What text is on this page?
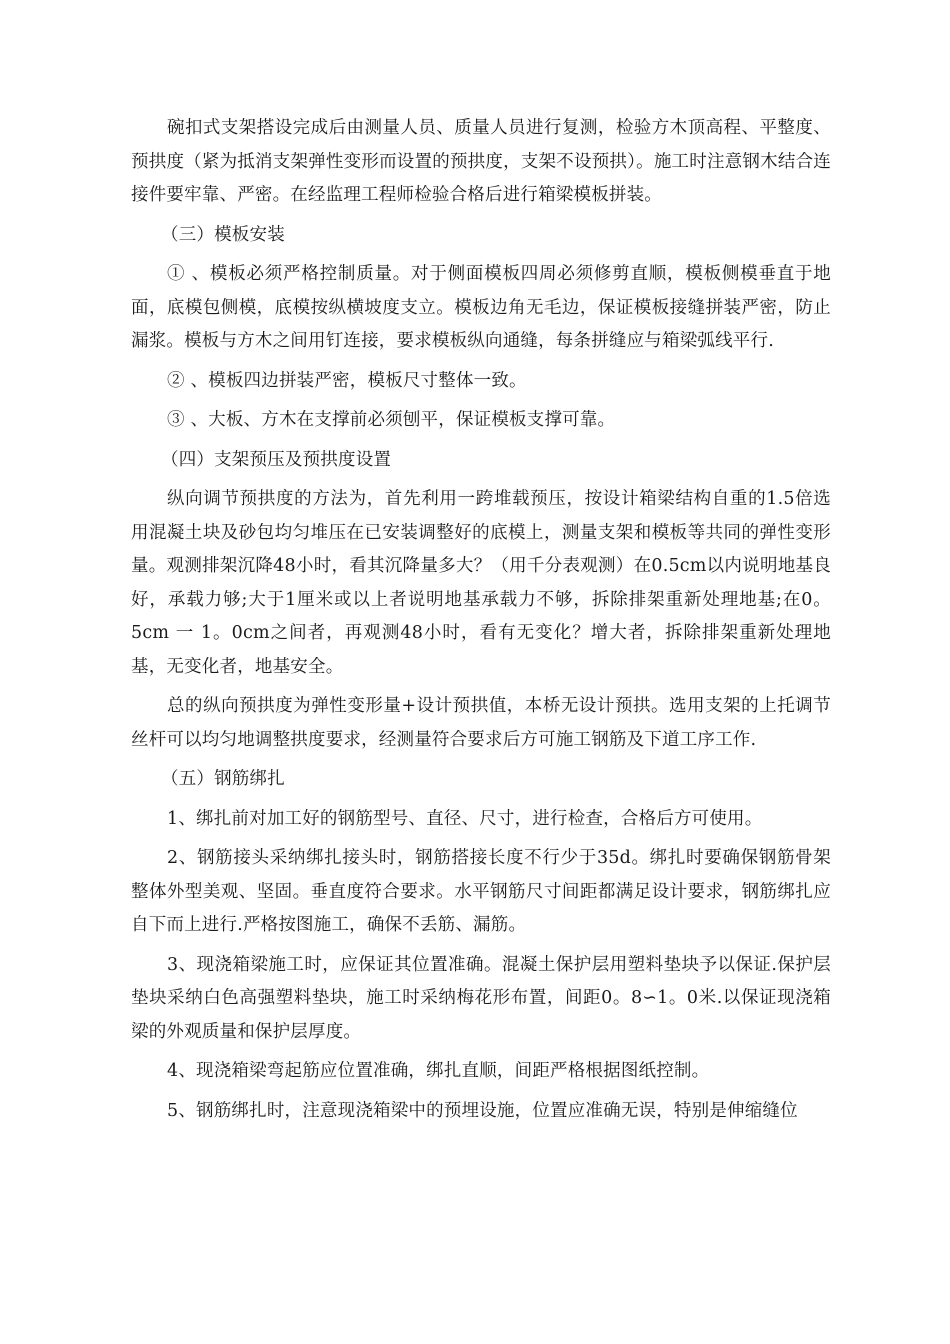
碗扣式支架搭设完成后由测量人员、质量人员进行复测，检验方木顶高程、平整度、预拱度（紧为抵消支架弹性变形而设置的预拱度，支架不设预拱）。施工时注意钢木结合连接件要牢靠、严密。在经监理工程师检验合格后进行箱梁模板拼装。

（三）模板安装

① 、模板必须严格控制质量。对于侧面模板四周必须修剪直顺，模板侧模垂直于地面，底模包侧模，底模按纵横坡度支立。模板边角无毛边，保证模板接缝拼装严密，防止漏浆。模板与方木之间用钉连接，要求模板纵向通缝，每条拼缝应与箱梁弧线平行.

② 、模板四边拼装严密，模板尺寸整体一致。

③ 、大板、方木在支撑前必须刨平，保证模板支撑可靠。

（四）支架预压及预拱度设置

纵向调节预拱度的方法为，首先利用一跨堆载预压，按设计箱梁结构自重的1.5倍选用混凝土块及砂包均匀堆压在已安装调整好的底模上，测量支架和模板等共同的弹性变形量。观测排架沉降48小时，看其沉降量多大？（用千分表观测）在0.5cm以内说明地基良好，承载力够;大于1厘米或以上者说明地基承载力不够，拆除排架重新处理地基;在0。5cm 一 1。0cm之间者，再观测48小时，看有无变化？增大者，拆除排架重新处理地基，无变化者，地基安全。

总的纵向预拱度为弹性变形量+设计预拱值，本桥无设计预拱。选用支架的上托调节丝杆可以均匀地调整拱度要求，经测量符合要求后方可施工钢筋及下道工序工作.

（五）钢筋绑扎

1、绑扎前对加工好的钢筋型号、直径、尺寸，进行检查，合格后方可使用。

2、钢筋接头采纳绑扎接头时，钢筋搭接长度不行少于35d。绑扎时要确保钢筋骨架整体外型美观、坚固。垂直度符合要求。水平钢筋尺寸间距都满足设计要求，钢筋绑扎应自下而上进行.严格按图施工，确保不丢筋、漏筋。

3、现浇箱梁施工时，应保证其位置准确。混凝土保护层用塑料垫块予以保证.保护层垫块采纳白色高强塑料垫块，施工时采纳梅花形布置，间距0。8∽1。0米.以保证现浇箱梁的外观质量和保护层厚度。

4、现浇箱梁弯起筋应位置准确，绑扎直顺，间距严格根据图纸控制。

5、钢筋绑扎时，注意现浇箱梁中的预埋设施，位置应准确无误，特别是伸缩缝位
